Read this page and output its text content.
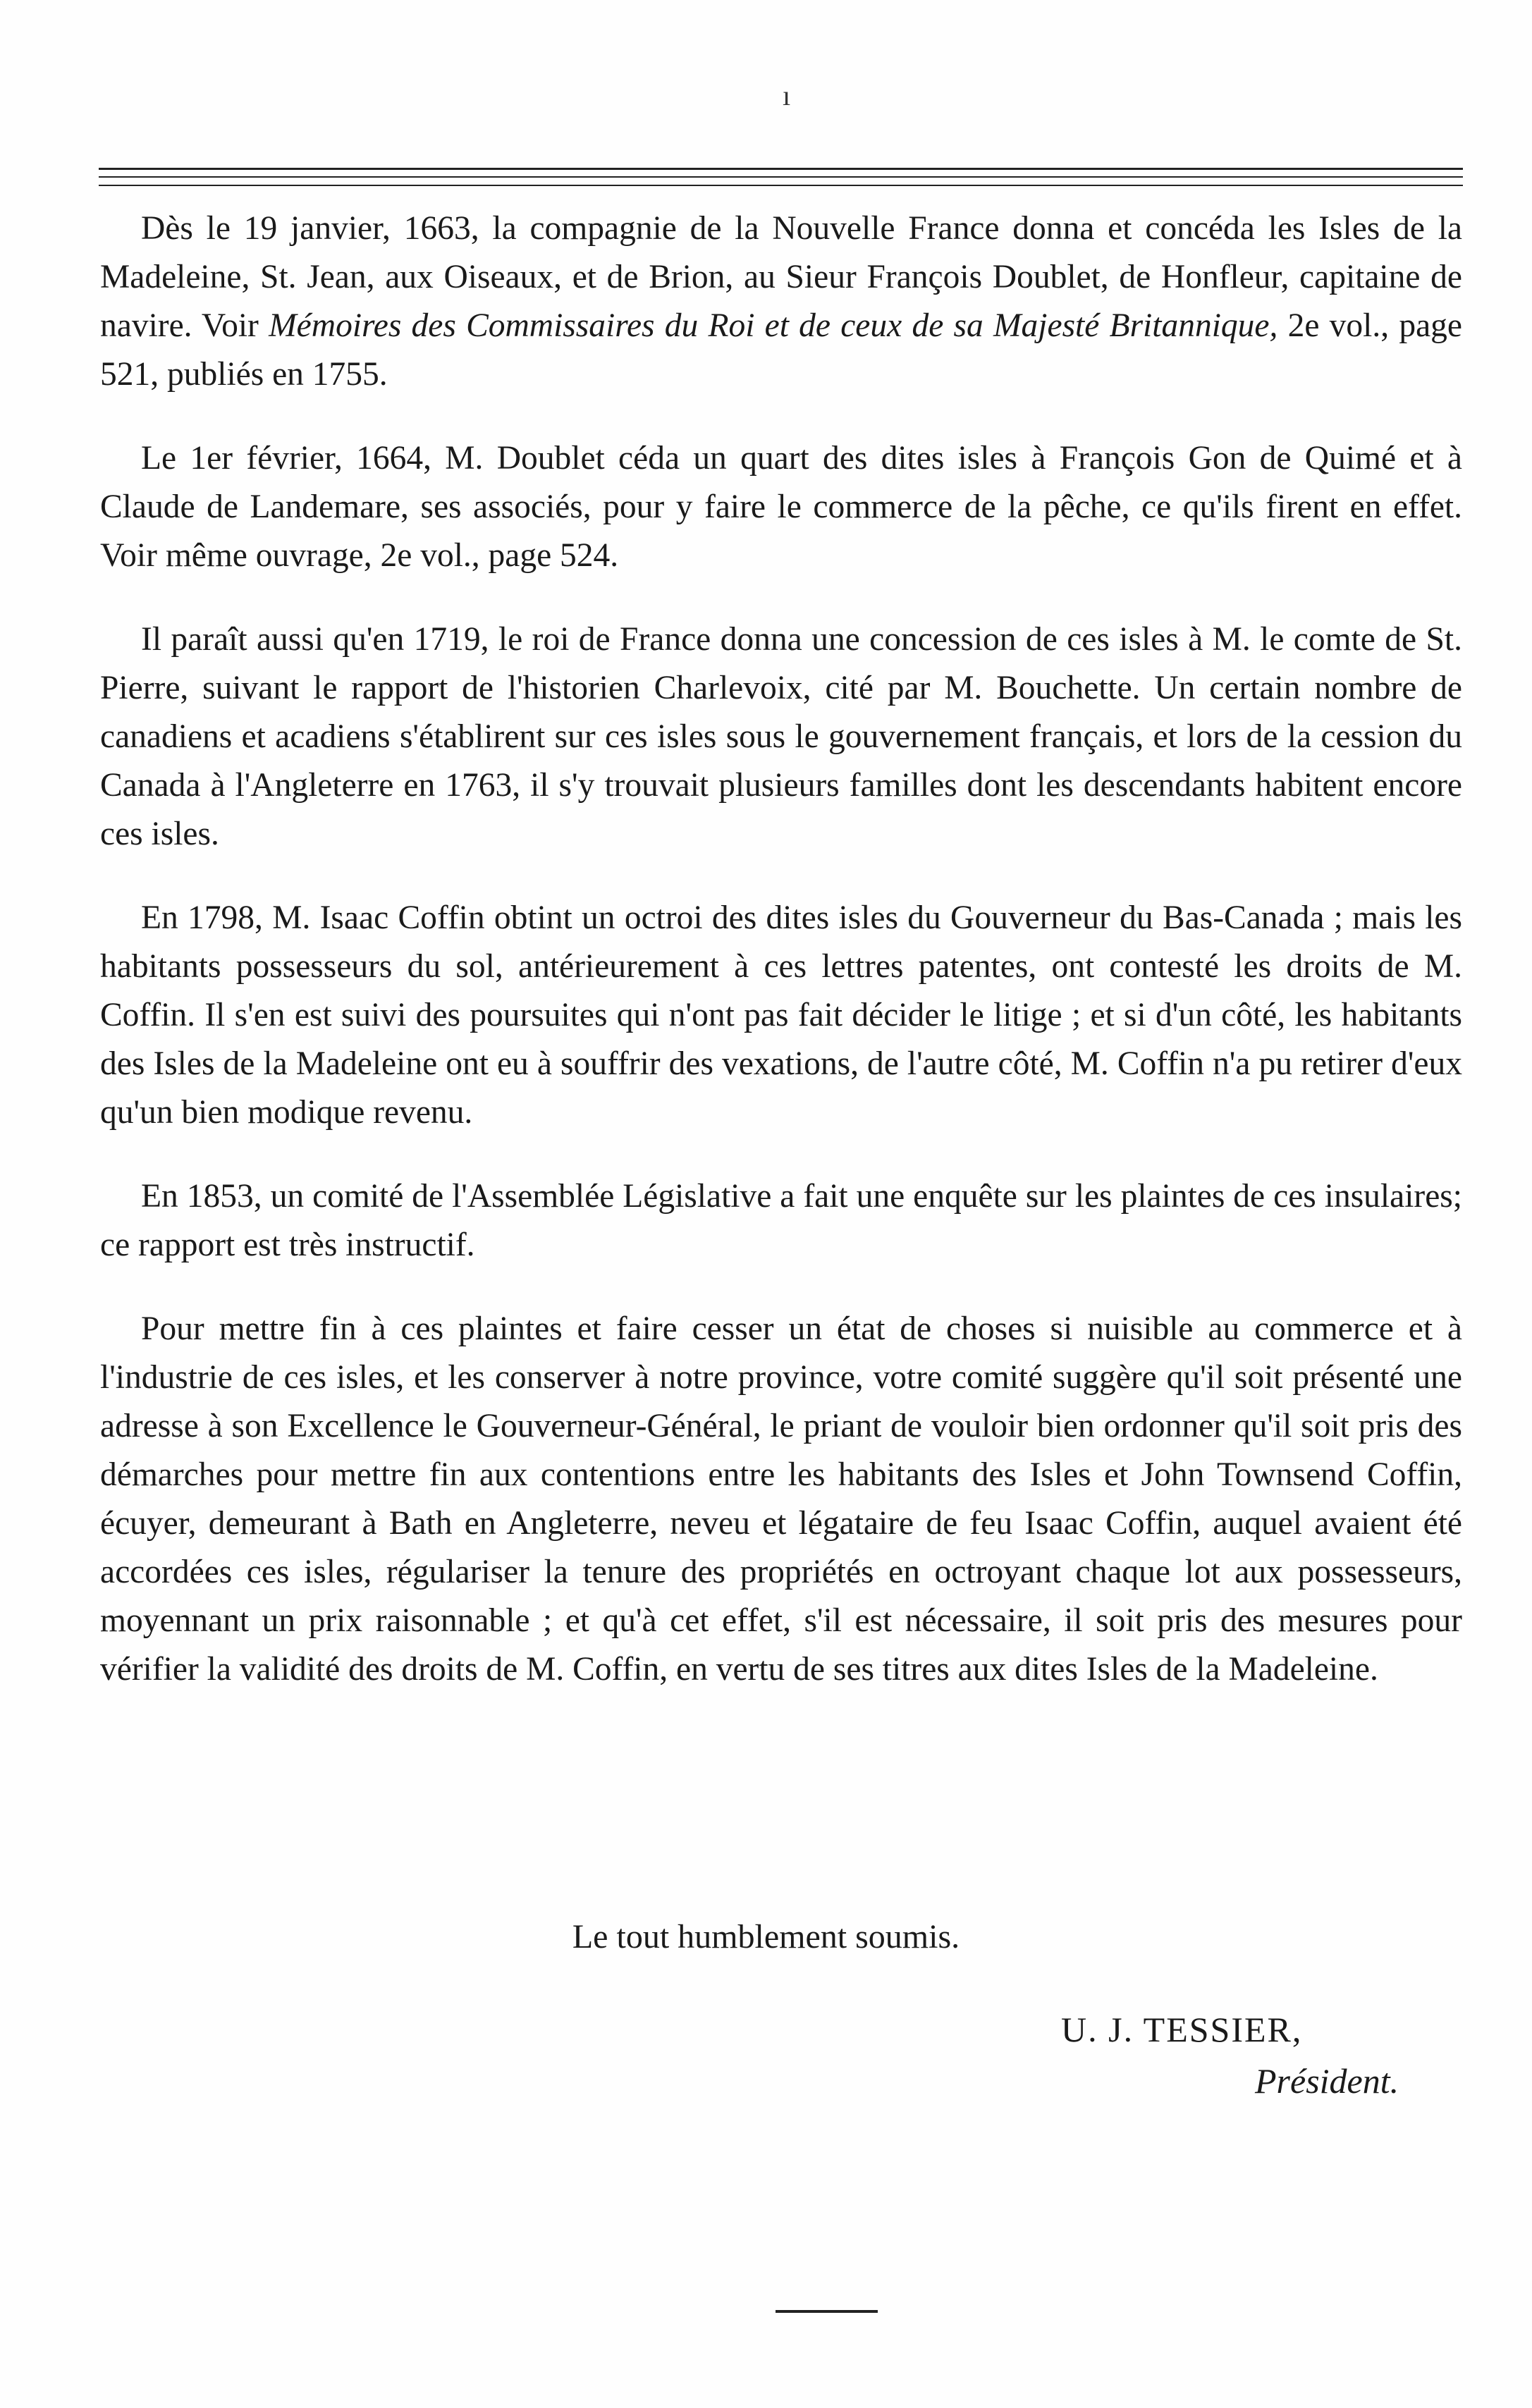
ı

Dès le 19 janvier, 1663, la compagnie de la Nouvelle France donna et concéda les Isles de la Madeleine, St. Jean, aux Oiseaux, et de Brion, au Sieur François Doublet, de Honfleur, capitaine de navire. Voir Mémoires des Commissaires du Roi et de ceux de sa Majesté Britannique, 2e vol., page 521, publiés en 1755.

Le 1er février, 1664, M. Doublet céda un quart des dites isles à François Gon de Quimé et à Claude de Landemare, ses associés, pour y faire le commerce de la pêche, ce qu'ils firent en effet. Voir même ouvrage, 2e vol., page 524.

Il paraît aussi qu'en 1719, le roi de France donna une concession de ces isles à M. le comte de St. Pierre, suivant le rapport de l'historien Charlevoix, cité par M. Bouchette. Un certain nombre de canadiens et acadiens s'établirent sur ces isles sous le gouvernement français, et lors de la cession du Canada à l'Angleterre en 1763, il s'y trouvait plusieurs familles dont les descendants habitent encore ces isles.

En 1798, M. Isaac Coffin obtint un octroi des dites isles du Gouverneur du Bas-Canada ; mais les habitants possesseurs du sol, antérieurement à ces lettres patentes, ont contesté les droits de M. Coffin. Il s'en est suivi des poursuites qui n'ont pas fait décider le litige ; et si d'un côté, les habitants des Isles de la Madeleine ont eu à souffrir des vexations, de l'autre côté, M. Coffin n'a pu retirer d'eux qu'un bien modique revenu.

En 1853, un comité de l'Assemblée Législative a fait une enquête sur les plaintes de ces insulaires; ce rapport est très instructif.

Pour mettre fin à ces plaintes et faire cesser un état de choses si nuisible au commerce et à l'industrie de ces isles, et les conserver à notre province, votre comité suggère qu'il soit présenté une adresse à son Excellence le Gouverneur-Général, le priant de vouloir bien ordonner qu'il soit pris des démarches pour mettre fin aux contentions entre les habitants des Isles et John Townsend Coffin, écuyer, demeurant à Bath en Angleterre, neveu et légataire de feu Isaac Coffin, auquel avaient été accordées ces isles, régulariser la tenure des propriétés en octroyant chaque lot aux possesseurs, moyennant un prix raisonnable ; et qu'à cet effet, s'il est nécessaire, il soit pris des mesures pour vérifier la validité des droits de M. Coffin, en vertu de ses titres aux dites Isles de la Madeleine.

Le tout humblement soumis.
U. J. TESSIER,
Président.
